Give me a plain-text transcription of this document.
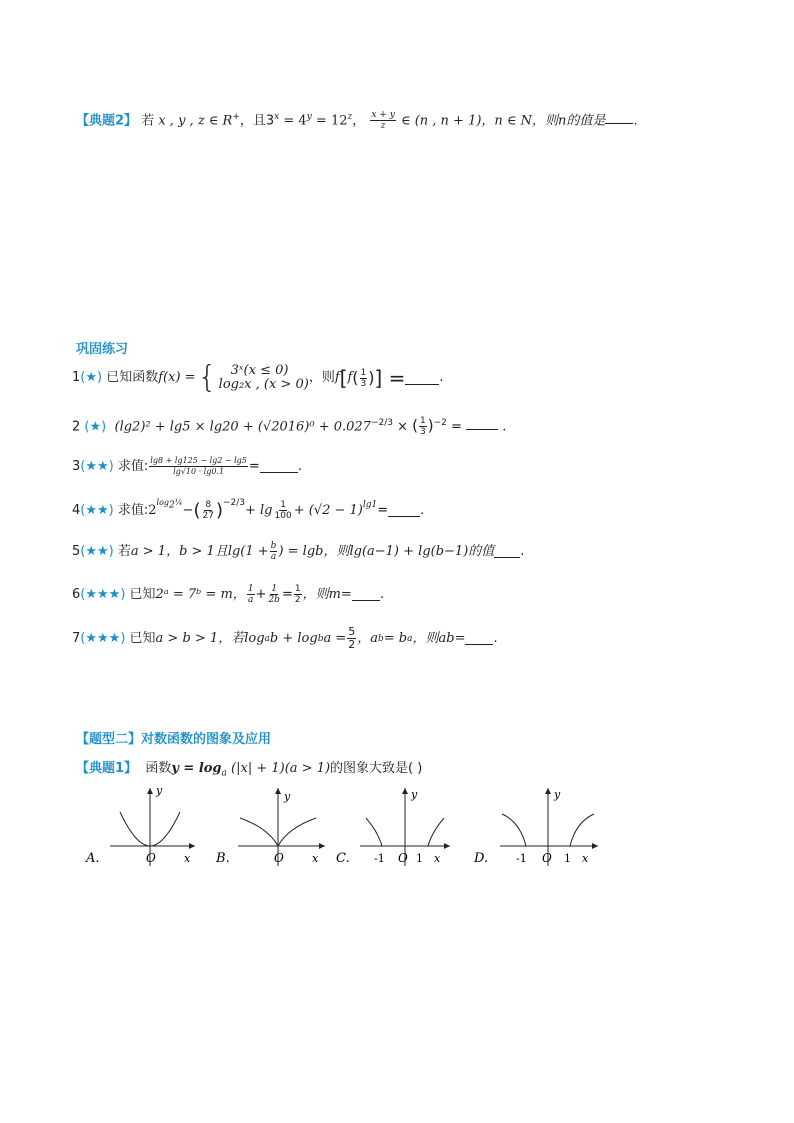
【典题2】 若 x , y , z ∈ R+，且$3^x = 4^y = 12^z$， $\frac{x + y}{z}$ ∈ (n , n + 1)，n ∈ N，则n的值是 .
巩固练习
1 (★)
已知函数 f(x) = {	3ˣ(x ≤ 0)
log₂x , (x > 0) ，则 f [ f ( $\frac{1}{3}$ ) ] =	.
2 (★) $(\lg 2)^2 + \lg 5 \times \lg 20 + (√2016)^0 + 0.027^{-2/3}$ × ( $\frac{1}{3} )^{-2}$ =  .
3 (★★)
求值: $\frac{\lg 8 + \lg 125 - \lg 2 - \lg 5}{\lg√10 \cdot \lg 0.1}$ =	.
4 (★★)
求值: $2^{log_2\frac{1}{4}}$ − ( $\frac{8}{27} )^{-2/3} + \lg \frac{1}{100} + (√2 - 1)^{lg1}$ = .
5 (★★)
若 a > 1，b > 1且$\lg(1 + \frac{b}{a}$ ) = lgb，则lg(a−1) + lg(b−1)的值 .
6 (★★★)
已知 2ᵃ = 7ᵇ = m， $\frac{1}{a} + \frac{1}{2b} = \frac{1}{2}$ ，则m= .
7 (★★★)
已知 a > b > 1，若log a b + log b $a = \frac{5}{2}$ ，a b = b a ，则ab= .
【题型二】对数函数的图象及应用
【典题1】 函数$y = \log_a (|x| + 1)(a > 1)$的图象大致是( )
A.
y
O	x B.
y
O	x C.
y
-1 O 1 x	D.
y
-1 O 1 x
